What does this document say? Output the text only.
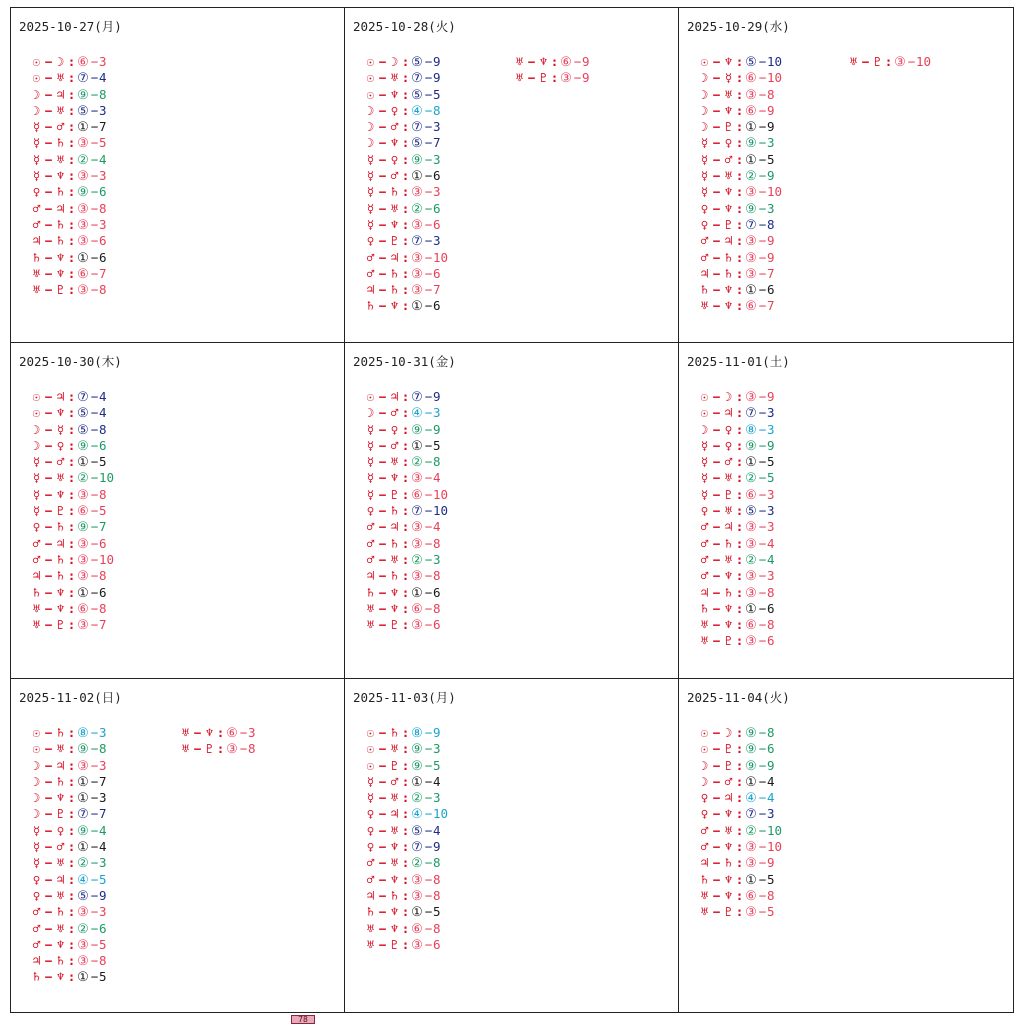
2025-10-27(月)
☉ − ☽ : ⑥ −3
☉ − ♅ : ⑦ −4
☽ − ♃ : ⑨ −8
☽ − ♅ : ⑤ −3
☿ − ♂ : ① −7
☿ − ♄ : ③ −5
☿ − ♅ : ② −4
☿ − ♆ : ③ −3
♀ − ♄ : ⑨ −6
♂ − ♃ : ③ −8
♂ − ♄ : ③ −3
♃ − ♄ : ③ −6
♄ − ♆ : ① −6
♅ − ♆ : ⑥ −7
♅ − ♇ : ③ −8
2025-10-28(火)
☉ − ☽ : ⑤ −9
☉ − ♅ : ⑦ −9
☉ − ♆ : ⑤ −5
☽ − ♀ : ④ −8
☽ − ♂ : ⑦ −3
☽ − ♆ : ⑤ −7
☿ − ♀ : ⑨ −3
☿ − ♂ : ① −6
☿ − ♄ : ③ −3
☿ − ♅ : ② −6
☿ − ♆ : ③ −6
♀ − ♇ : ⑦ −3
♂ − ♃ : ③ −10
♂ − ♄ : ③ −6
♃ − ♄ : ③ −7
♄ − ♆ : ① −6
♅ − ♆ : ⑥ −9
♅ − ♇ : ③ −9
2025-10-29(水)
☉ − ♆ : ⑤ −10
☽ − ☿ : ⑥ −10
☽ − ♅ : ③ −8
☽ − ♆ : ⑥ −9
☽ − ♇ : ① −9
☿ − ♀ : ⑨ −3
☿ − ♂ : ① −5
☿ − ♅ : ② −9
☿ − ♆ : ③ −10
♀ − ♆ : ⑨ −3
♀ − ♇ : ⑦ −8
♂ − ♃ : ③ −9
♂ − ♄ : ③ −9
♃ − ♄ : ③ −7
♄ − ♆ : ① −6
♅ − ♆ : ⑥ −7
♅ − ♇ : ③ −10
2025-10-30(木)
☉ − ♃ : ⑦ −4
☉ − ♆ : ⑤ −4
☽ − ☿ : ⑤ −8
☽ − ♀ : ⑨ −6
☿ − ♂ : ① −5
☿ − ♅ : ② −10
☿ − ♆ : ③ −8
☿ − ♇ : ⑥ −5
♀ − ♄ : ⑨ −7
♂ − ♃ : ③ −6
♂ − ♄ : ③ −10
♃ − ♄ : ③ −8
♄ − ♆ : ① −6
♅ − ♆ : ⑥ −8
♅ − ♇ : ③ −7
2025-10-31(金)
☉ − ♃ : ⑦ −9
☽ − ♂ : ④ −3
☿ − ♀ : ⑨ −9
☿ − ♂ : ① −5
☿ − ♅ : ② −8
☿ − ♆ : ③ −4
☿ − ♇ : ⑥ −10
♀ − ♄ : ⑦ −10
♂ − ♃ : ③ −4
♂ − ♄ : ③ −8
♂ − ♅ : ② −3
♃ − ♄ : ③ −8
♄ − ♆ : ① −6
♅ − ♆ : ⑥ −8
♅ − ♇ : ③ −6
2025-11-01(土)
☉ − ☽ : ③ −9
☉ − ♃ : ⑦ −3
☽ − ♀ : ⑧ −3
☿ − ♀ : ⑨ −9
☿ − ♂ : ① −5
☿ − ♅ : ② −5
☿ − ♇ : ⑥ −3
♀ − ♅ : ⑤ −3
♂ − ♃ : ③ −3
♂ − ♄ : ③ −4
♂ − ♅ : ② −4
♂ − ♆ : ③ −3
♃ − ♄ : ③ −8
♄ − ♆ : ① −6
♅ − ♆ : ⑥ −8
♅ − ♇ : ③ −6
2025-11-02(日)
☉ − ♄ : ⑧ −3
☉ − ♅ : ⑨ −8
☽ − ♃ : ③ −3
☽ − ♄ : ① −7
☽ − ♆ : ① −3
☽ − ♇ : ⑦ −7
☿ − ♀ : ⑨ −4
☿ − ♂ : ① −4
☿ − ♅ : ② −3
♀ − ♃ : ④ −5
♀ − ♅ : ⑤ −9
♂ − ♄ : ③ −3
♂ − ♅ : ② −6
♂ − ♆ : ③ −5
♃ − ♄ : ③ −8
♄ − ♆ : ① −5
♅ − ♆ : ⑥ −3
♅ − ♇ : ③ −8
2025-11-03(月)
☉ − ♄ : ⑧ −9
☉ − ♅ : ⑨ −3
☉ − ♇ : ⑨ −5
☿ − ♂ : ① −4
☿ − ♅ : ② −3
♀ − ♃ : ④ −10
♀ − ♅ : ⑤ −4
♀ − ♆ : ⑦ −9
♂ − ♅ : ② −8
♂ − ♆ : ③ −8
♃ − ♄ : ③ −8
♄ − ♆ : ① −5
♅ − ♆ : ⑥ −8
♅ − ♇ : ③ −6
2025-11-04(火)
☉ − ☽ : ⑨ −8
☉ − ♇ : ⑨ −6
☽ − ♇ : ⑨ −9
☽ − ♂ : ① −4
♀ − ♃ : ④ −4
♀ − ♆ : ⑦ −3
♂ − ♅ : ② −10
♂ − ♆ : ③ −10
♃ − ♄ : ③ −9
♄ − ♆ : ① −5
♅ − ♆ : ⑥ −8
♅ − ♇ : ③ −5
78
